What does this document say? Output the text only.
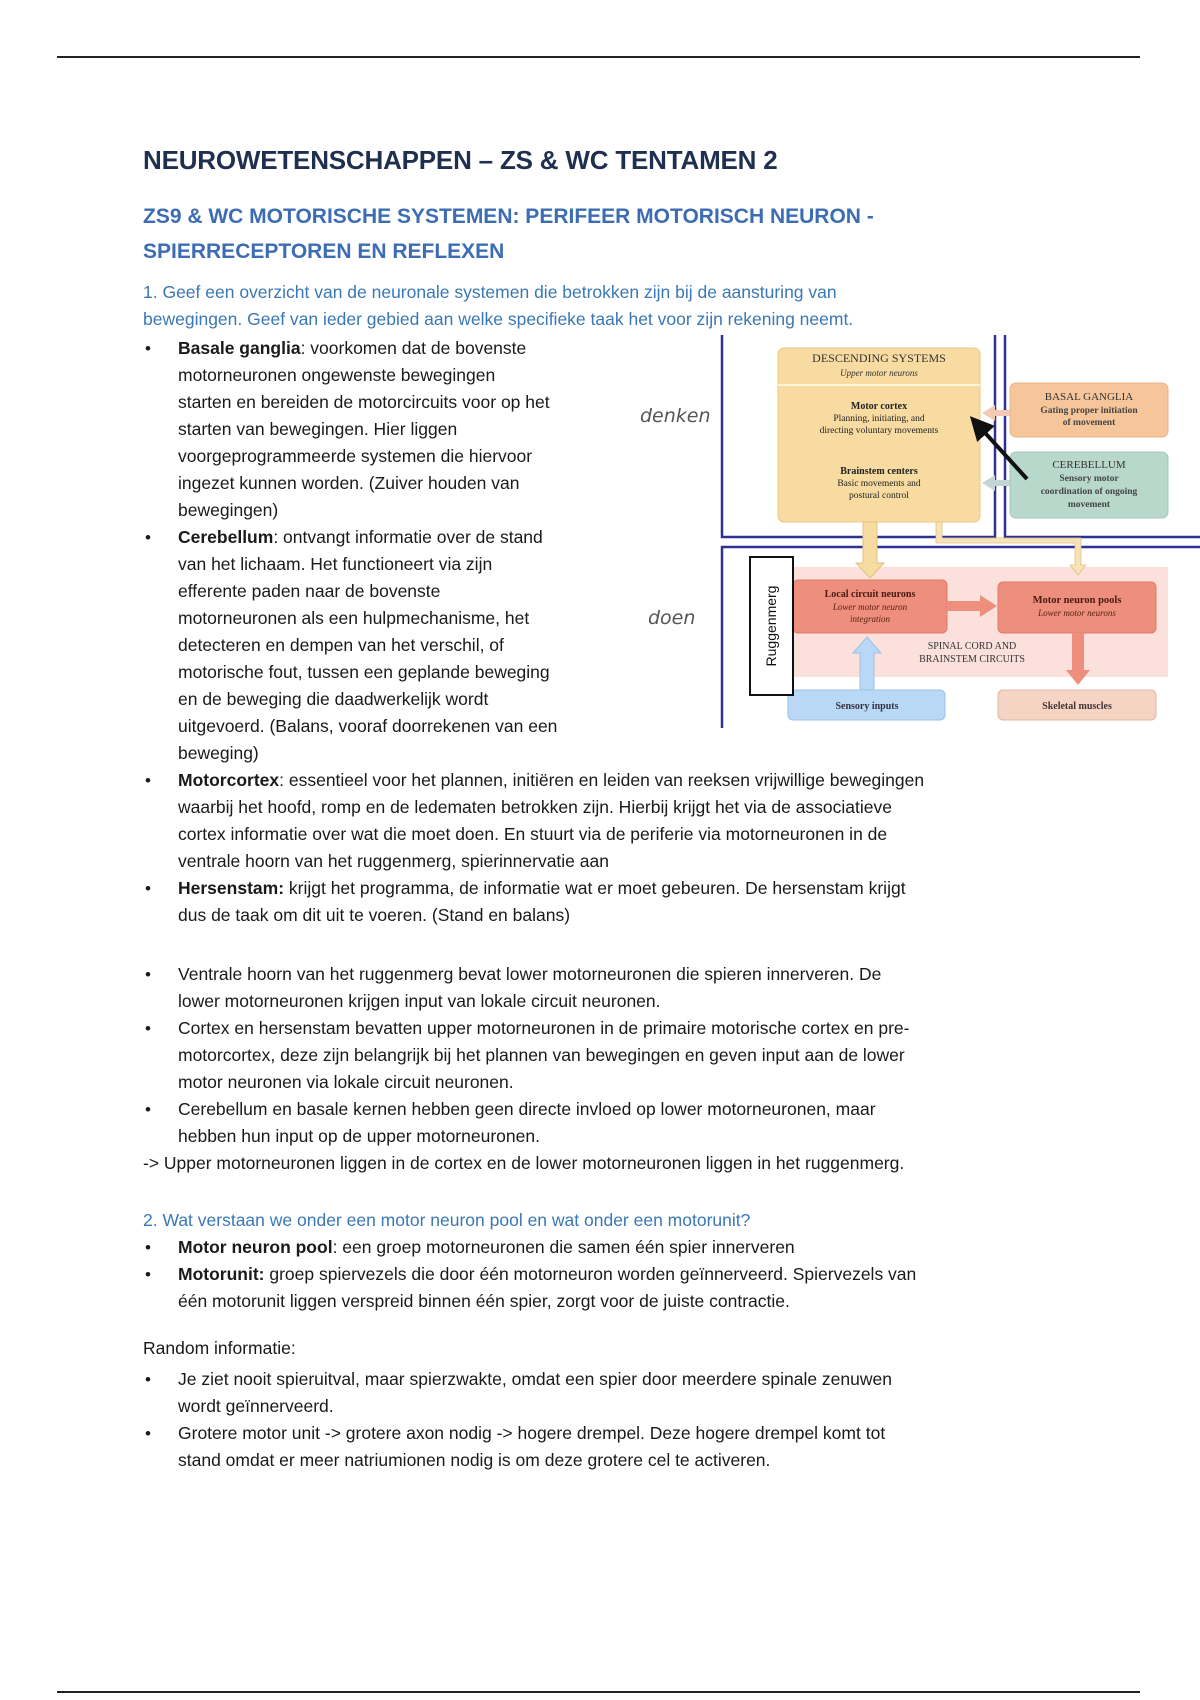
NEUROWETENSCHAPPEN – ZS & WC TENTAMEN 2
ZS9 & WC MOTORISCHE SYSTEMEN: PERIFEER MOTORISCH NEURON -
SPIERRECEPTOREN EN REFLEXEN
1. Geef een overzicht van de neuronale systemen die betrokken zijn bij de aansturing van
bewegingen. Geef van ieder gebied aan welke specifieke taak het voor zijn rekening neemt.
denken
doen
• Basale ganglia: voorkomen dat de bovenste
motorneuronen ongewenste bewegingen
starten en bereiden de motorcircuits voor op het
starten van bewegingen. Hier liggen
voorgeprogrammeerde systemen die hiervoor
ingezet kunnen worden. (Zuiver houden van
bewegingen)
• Cerebellum: ontvangt informatie over de stand
van het lichaam. Het functioneert via zijn
efferente paden naar de bovenste
motorneuronen als een hulpmechanisme, het
detecteren en dempen van het verschil, of
motorische fout, tussen een geplande beweging
en de beweging die daadwerkelijk wordt
uitgevoerd. (Balans, vooraf doorrekenen van een
beweging)
• Motorcortex: essentieel voor het plannen, initiëren en leiden van reeksen vrijwillige bewegingen
waarbij het hoofd, romp en de ledematen betrokken zijn. Hierbij krijgt het via de associatieve
cortex informatie over wat die moet doen. En stuurt via de periferie via motorneuronen in de
ventrale hoorn van het ruggenmerg, spierinnervatie aan
• Hersenstam: krijgt het programma, de informatie wat er moet gebeuren. De hersenstam krijgt
dus de taak om dit uit te voeren. (Stand en balans)
• Ventrale hoorn van het ruggenmerg bevat lower motorneuronen die spieren innerveren. De
lower motorneuronen krijgen input van lokale circuit neuronen.
• Cortex en hersenstam bevatten upper motorneuronen in de primaire motorische cortex en pre-
motorcortex, deze zijn belangrijk bij het plannen van bewegingen en geven input aan de lower
motor neuronen via lokale circuit neuronen.
• Cerebellum en basale kernen hebben geen directe invloed op lower motorneuronen, maar
hebben hun input op de upper motorneuronen.
-> Upper motorneuronen liggen in de cortex en de lower motorneuronen liggen in het ruggenmerg.
2. Wat verstaan we onder een motor neuron pool en wat onder een motorunit?
• Motor neuron pool: een groep motorneuronen die samen één spier innerveren
• Motorunit: groep spiervezels die door één motorneuron worden geïnnerveerd. Spiervezels van
één motorunit liggen verspreid binnen één spier, zorgt voor de juiste contractie.
Random informatie:
• Je ziet nooit spieruitval, maar spierzwakte, omdat een spier door meerdere spinale zenuwen
wordt geïnnerveerd.
• Grotere motor unit -> grotere axon nodig -> hogere drempel. Deze hogere drempel komt tot
stand omdat er meer natriumionen nodig is om deze grotere cel te activeren.
DESCENDING SYSTEMS
Upper motor neurons
Motor cortex
Planning, initiating, and
directing voluntary movements
Brainstem centers
Basic movements and
postural control
BASAL GANGLIA
Gating proper initiation
of movement
CEREBELLUM
Sensory motor
coordination of ongoing
movement
Local circuit neurons
Lower motor neuron
integration
Motor neuron pools
Lower motor neurons
SPINAL CORD AND
BRAINSTEM CIRCUITS
Sensory inputs	Skeletal muscles
Ruggenmerg
